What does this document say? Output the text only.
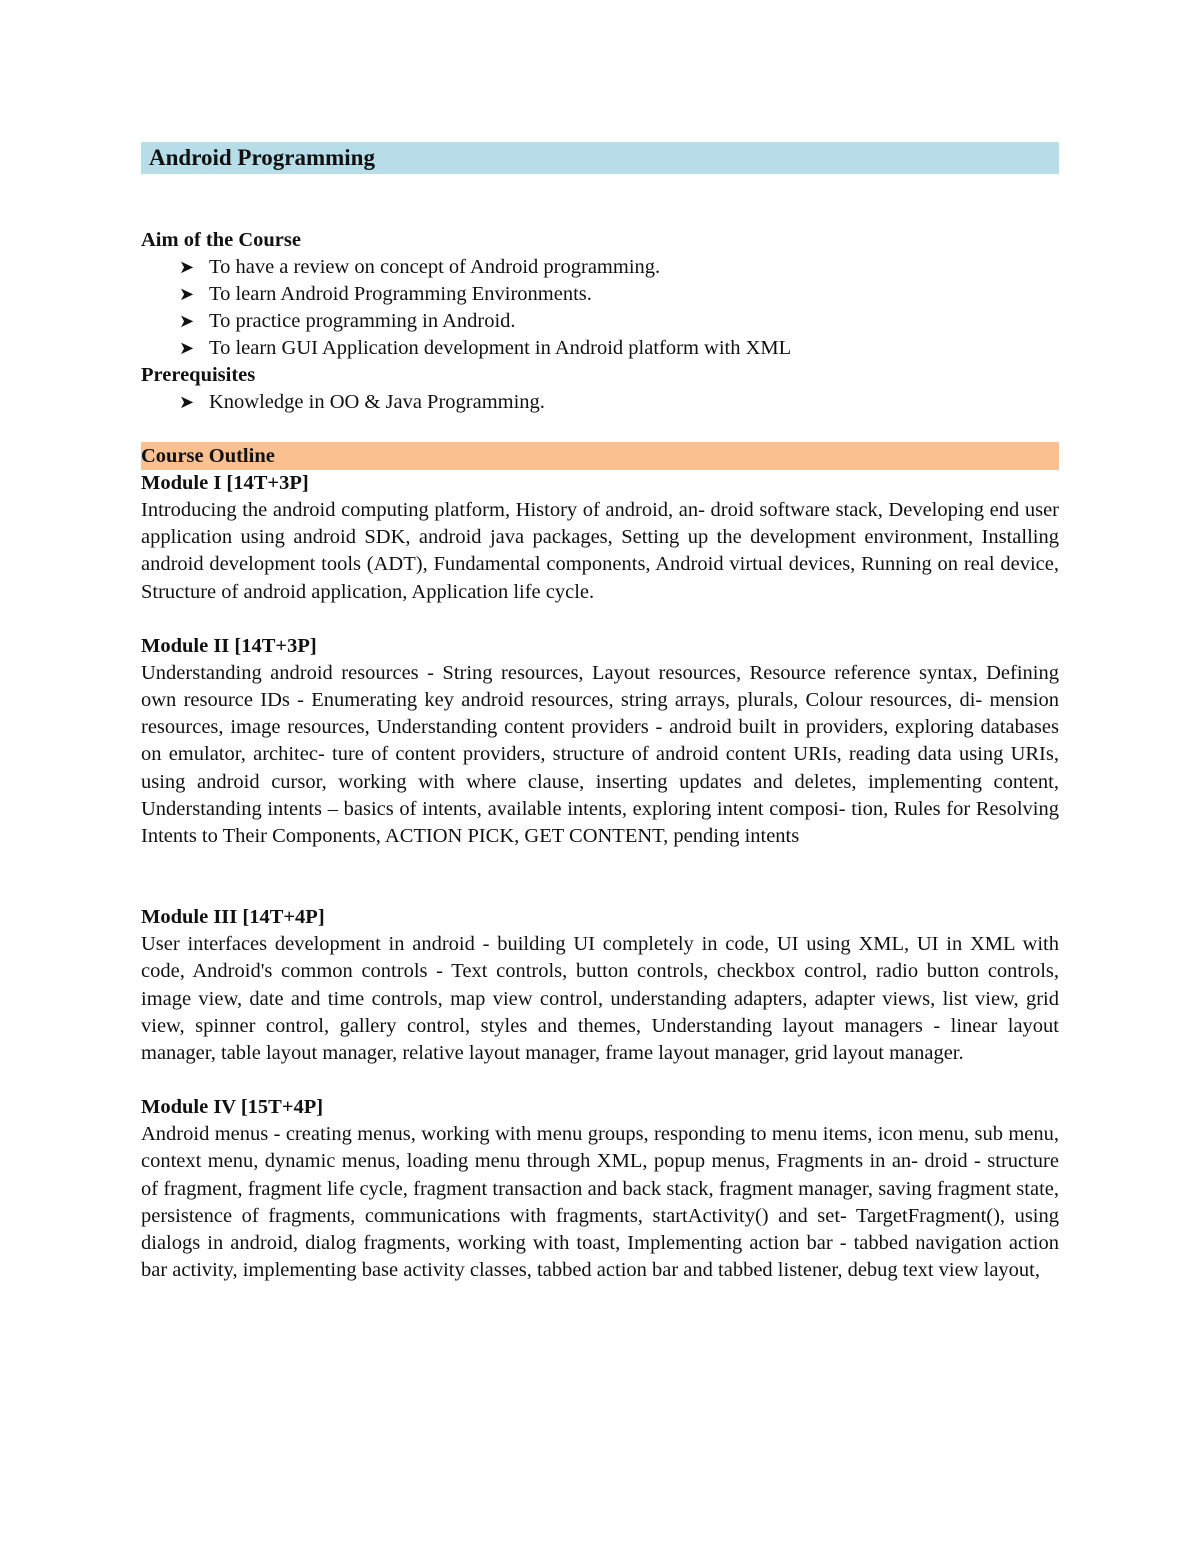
Android Programming
Aim of the Course
➤ To have a review on concept of Android programming.
➤ To learn Android Programming Environments.
➤ To practice programming in Android.
➤ To learn GUI Application development in Android platform with XML
Prerequisites
➤ Knowledge in OO & Java Programming.
Course Outline
Module I [14T+3P]

Introducing the android computing platform, History of android, an- droid software stack, Developing end user application using android SDK, android java packages, Setting up the development environment, Installing android development tools (ADT), Fundamental components, Android virtual devices, Running on real device, Structure of android application, Application life cycle.

Module II [14T+3P]

Understanding android resources - String resources, Layout resources, Resource reference syntax, Defining own resource IDs - Enumerating key android resources, string arrays, plurals, Colour resources, di- mension resources, image resources, Understanding content providers - android built in providers, exploring databases on emulator, architec- ture of content providers, structure of android content URIs, reading data using URIs, using android cursor, working with where clause, inserting updates and deletes, implementing content, Understanding intents – basics of intents, available intents, exploring intent composi- tion, Rules for Resolving Intents to Their Components, ACTION PICK, GET CONTENT, pending intents

Module III [14T+4P]

User interfaces development in android - building UI completely in code, UI using XML, UI in XML with code, Android's common controls - Text controls, button controls, checkbox control, radio button controls, image view, date and time controls, map view control, understanding adapters, adapter views, list view, grid view, spinner control, gallery control, styles and themes, Understanding layout managers - linear layout manager, table layout manager, relative layout manager, frame layout manager, grid layout manager.

Module IV [15T+4P]

Android menus - creating menus, working with menu groups, responding to menu items, icon menu, sub menu, context menu, dynamic menus, loading menu through XML, popup menus, Fragments in an- droid - structure of fragment, fragment life cycle, fragment transaction and back stack, fragment manager, saving fragment state, persistence of fragments, communications with fragments, startActivity() and set- TargetFragment(), using dialogs in android, dialog fragments, working with toast, Implementing action bar - tabbed navigation action bar activity, implementing base activity classes, tabbed action bar and tabbed listener, debug text view layout,
